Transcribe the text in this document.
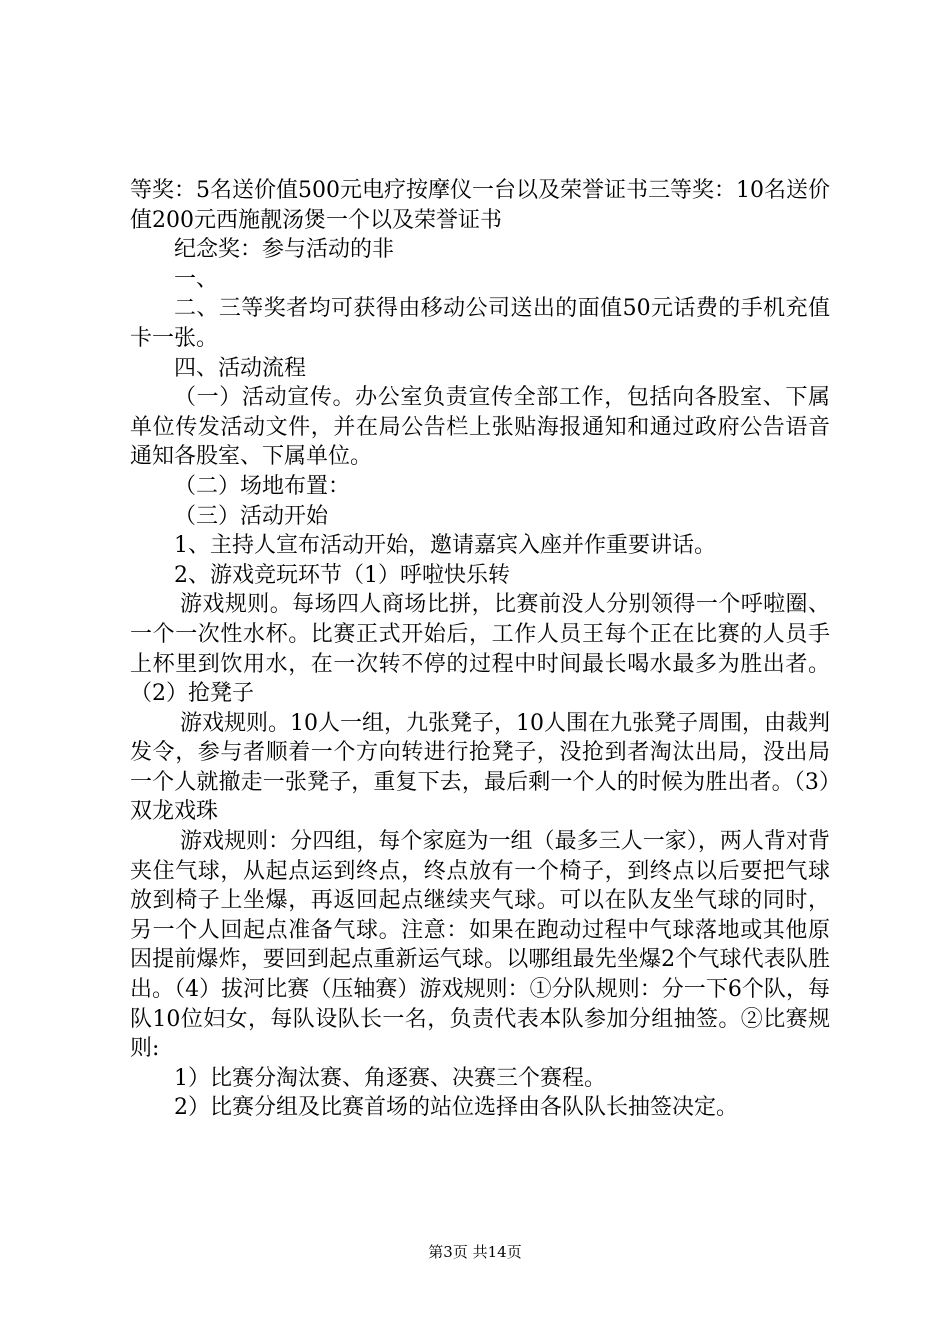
等奖：5名送价值500元电疗按摩仪一台以及荣誉证书三等奖：10名送价值200元西施靓汤煲一个以及荣誉证书

纪念奖：参与活动的非

一、

二、三等奖者均可获得由移动公司送出的面值50元话费的手机充值卡一张。

四、活动流程

（一）活动宣传。办公室负责宣传全部工作，包括向各股室、下属单位传发活动文件，并在局公告栏上张贴海报通知和通过政府公告语音通知各股室、下属单位。

（二）场地布置：

（三）活动开始

1、主持人宣布活动开始，邀请嘉宾入座并作重要讲话。

2、游戏竞玩环节（1）呼啦快乐转

游戏规则。每场四人商场比拼，比赛前没人分别领得一个呼啦圈、一个一次性水杯。比赛正式开始后，工作人员王每个正在比赛的人员手上杯里到饮用水，在一次转不停的过程中时间最长喝水最多为胜出者。（2）抢凳子

游戏规则。10人一组，九张凳子，10人围在九张凳子周围，由裁判发令，参与者顺着一个方向转进行抢凳子，没抢到者淘汰出局，没出局一个人就撤走一张凳子，重复下去，最后剩一个人的时候为胜出者。（3）双龙戏珠

游戏规则：分四组，每个家庭为一组（最多三人一家），两人背对背夹住气球，从起点运到终点，终点放有一个椅子，到终点以后要把气球放到椅子上坐爆，再返回起点继续夹气球。可以在队友坐气球的同时，另一个人回起点准备气球。注意：如果在跑动过程中气球落地或其他原因提前爆炸，要回到起点重新运气球。以哪组最先坐爆2个气球代表队胜出。（4）拔河比赛（压轴赛）游戏规则：①分队规则：分一下6个队，每队10位妇女，每队设队长一名，负责代表本队参加分组抽签。②比赛规则:

1）比赛分淘汰赛、角逐赛、决赛三个赛程。

2）比赛分组及比赛首场的站位选择由各队队长抽签决定。

第3页 共14页
